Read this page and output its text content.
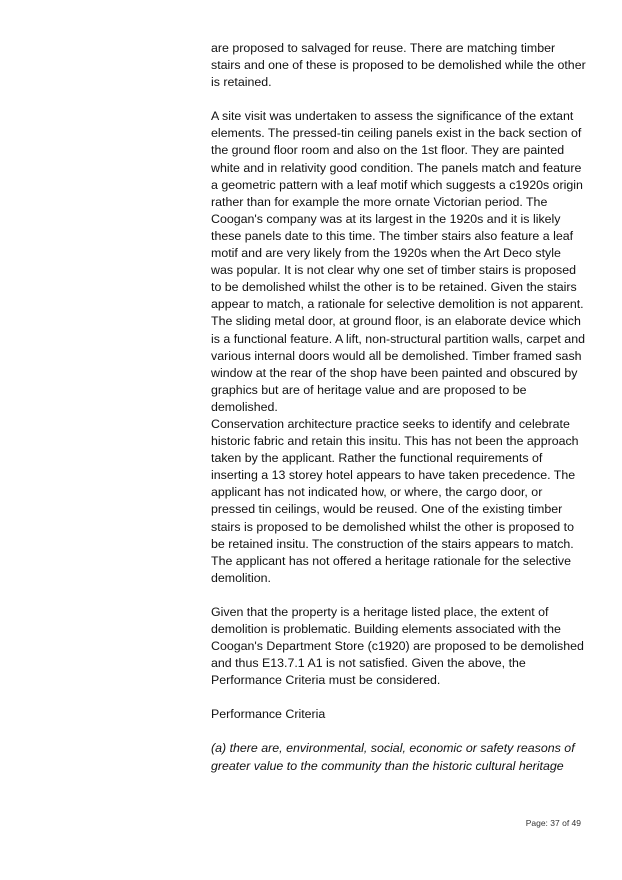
are proposed to salvaged for reuse. There are matching timber stairs and one of these is proposed to be demolished while the other is retained.

A site visit was undertaken to assess the significance of the extant elements. The pressed-tin ceiling panels exist in the back section of the ground floor room and also on the 1st floor. They are painted white and in relativity good condition. The panels match and feature a geometric pattern with a leaf motif which suggests a c1920s origin rather than for example the more ornate Victorian period. The Coogan's company was at its largest in the 1920s and it is likely these panels date to this time. The timber stairs also feature a leaf motif and are very likely from the 1920s when the Art Deco style was popular. It is not clear why one set of timber stairs is proposed to be demolished whilst the other is to be retained. Given the stairs appear to match, a rationale for selective demolition is not apparent. The sliding metal door, at ground floor, is an elaborate device which is a functional feature. A lift, non-structural partition walls, carpet and various internal doors would all be demolished. Timber framed sash window at the rear of the shop have been painted and obscured by graphics but are of heritage value and are proposed to be demolished.

Conservation architecture practice seeks to identify and celebrate historic fabric and retain this insitu. This has not been the approach taken by the applicant. Rather the functional requirements of inserting a 13 storey hotel appears to have taken precedence. The applicant has not indicated how, or where, the cargo door, or pressed tin ceilings, would be reused. One of the existing timber stairs is proposed to be demolished whilst the other is proposed to be retained insitu. The construction of the stairs appears to match. The applicant has not offered a heritage rationale for the selective demolition.

Given that the property is a heritage listed place, the extent of demolition is problematic. Building elements associated with the Coogan's Department Store (c1920) are proposed to be demolished and thus E13.7.1 A1 is not satisfied. Given the above, the Performance Criteria must be considered.

Performance Criteria

(a) there are, environmental, social, economic or safety reasons of greater value to the community than the historic cultural heritage

Page: 37 of 49
